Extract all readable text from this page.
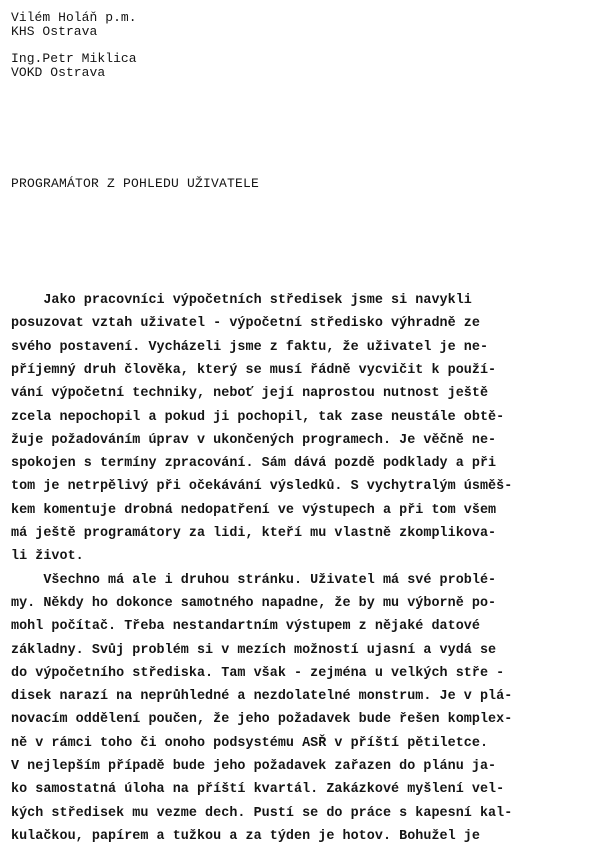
Vilém Holáň p.m.
KHS Ostrava
Ing.Petr Miklica
VOKD Ostrava
PROGRAMÁTOR Z POHLEDU UŽIVATELE
Jako pracovníci výpočetních středisek jsme si navykli
posuzovat vztah uživatel - výpočetní středisko výhradně ze
svého postavení. Vycházeli jsme z faktu, že uživatel je ne-
příjemný druh člověka, který se musí řádně vycvičit k použí-
vání výpočetní techniky, neboť její naprostou nutnost ještě
zcela nepochopil a pokud ji pochopil, tak zase neustále obtě-
žuje požadováním úprav v ukončených programech. Je věčně ne-
spokojen s termíny zpracování. Sám dává pozdě podklady a při
tom je netrpělivý při očekávání výsledků. S vychytralým úsměš-
kem komentuje drobná nedopatření ve výstupech a při tom všem
má ještě programátory za lidi, kteří mu vlastně zkomplikova-
li život.
Všechno má ale i druhou stránku. Uživatel má své problé-
my. Někdy ho dokonce samotného napadne, že by mu výborně po-
mohl počítač. Třeba nestandartním výstupem z nějaké datové
základny. Svůj problém si v mezích možností ujasní a vydá se
do výpočetního střediska. Tam však - zejména u velkých stře -
disek narazí na neprůhledné a nezdolatelné monstrum. Je v plá-
novacím oddělení poučen, že jeho požadavek bude řešen komplex-
ně v rámci toho či onoho podsystému ASŘ v příští pětiletce.
V nejlepším případě bude jeho požadavek zařazen do plánu ja-
ko samostatná úloha na příští kvartál. Zakázkové myšlení vel-
kých středisek mu vezme dech. Pustí se do práce s kapesní kal-
kulačkou, papírem a tužkou a za týden je hotov. Bohužel je
